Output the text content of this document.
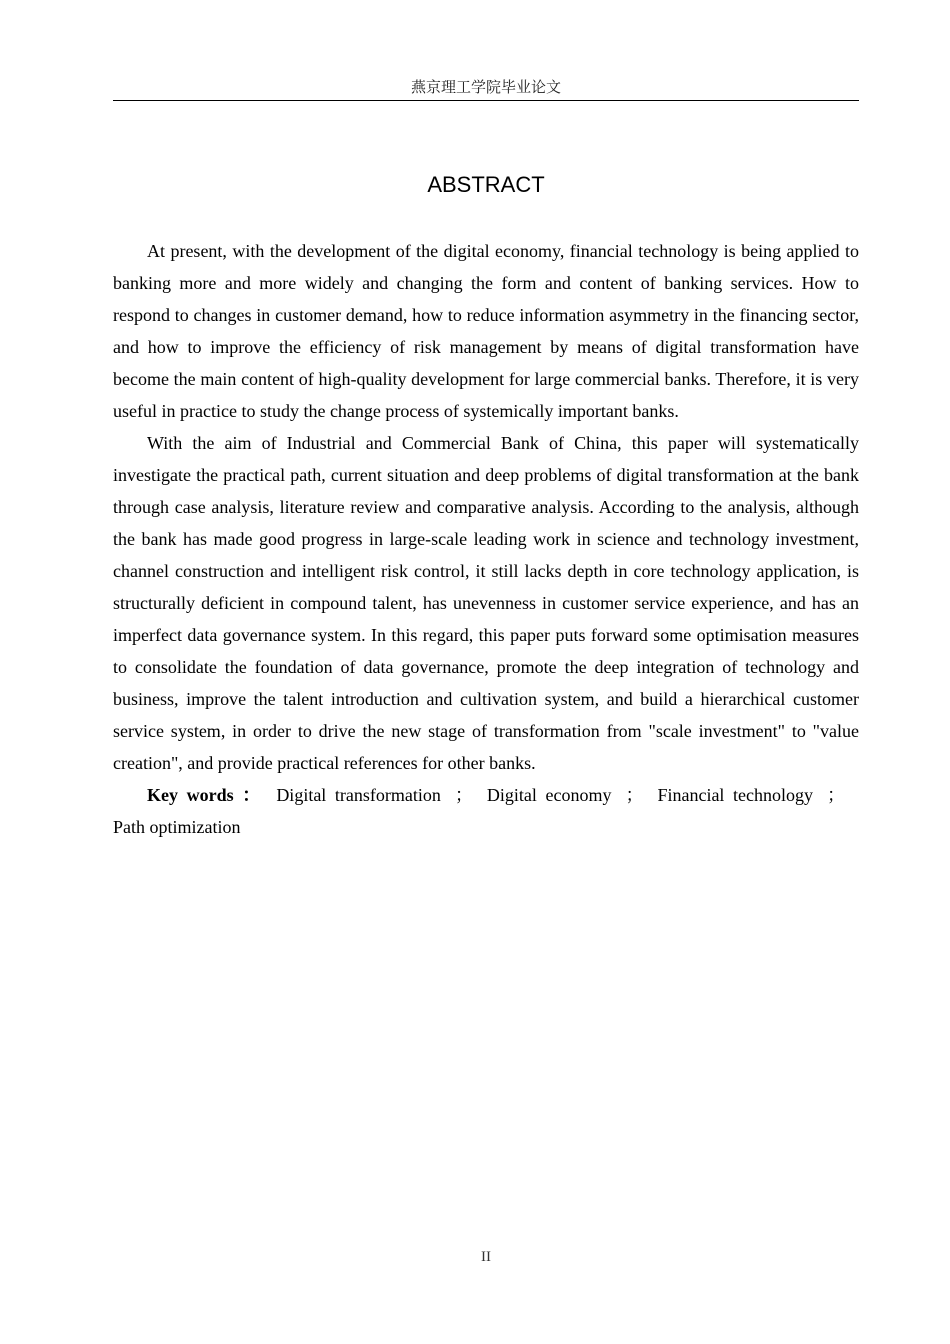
燕京理工学院毕业论文
ABSTRACT

At present, with the development of the digital economy, financial technology is being applied to banking more and more widely and changing the form and content of banking services. How to respond to changes in customer demand, how to reduce information asymmetry in the financing sector, and how to improve the efficiency of risk management by means of digital transformation have become the main content of high-quality development for large commercial banks. Therefore, it is very useful in practice to study the change process of systemically important banks.

With the aim of Industrial and Commercial Bank of China, this paper will systematically investigate the practical path, current situation and deep problems of digital transformation at the bank through case analysis, literature review and comparative analysis. According to the analysis, although the bank has made good progress in large-scale leading work in science and technology investment, channel construction and intelligent risk control, it still lacks depth in core technology application, is structurally deficient in compound talent, has unevenness in customer service experience, and has an imperfect data governance system. In this regard, this paper puts forward some optimisation measures to consolidate the foundation of data governance, promote the deep integration of technology and business, improve the talent introduction and cultivation system, and build a hierarchical customer service system, in order to drive the new stage of transformation from "scale investment" to "value creation", and provide practical references for other banks.

Key words ： Digital transformation ； Digital economy ； Financial technology ；Path optimization

II
